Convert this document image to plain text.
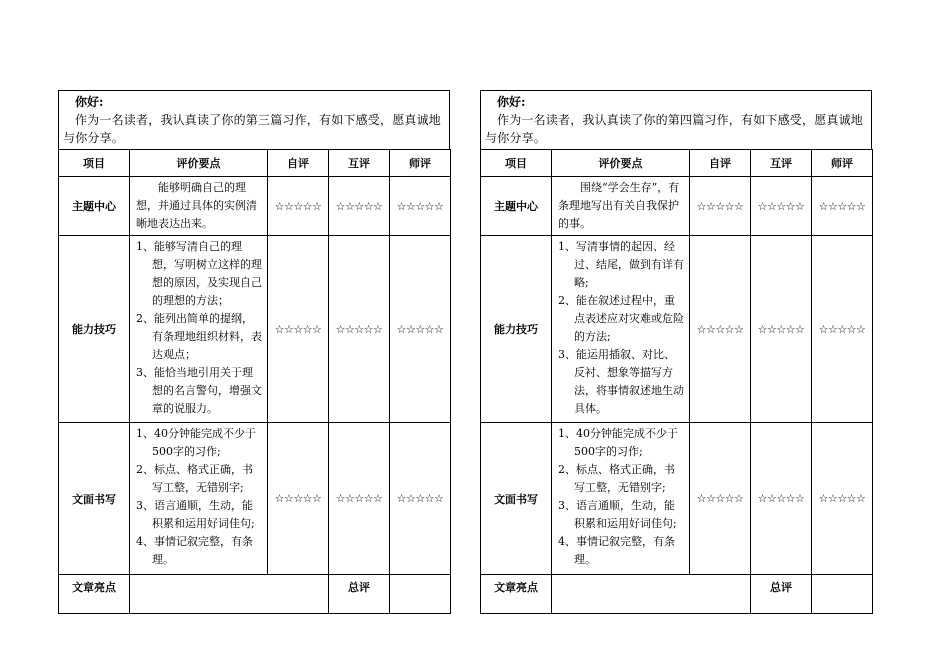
你好:
作为一名读者，我认真读了你的第三篇习作，有如下感受，愿真诚地与你分享。
项目	评价要点	自评	互评	师评
主题中心	能够明确自己的理想，并通过具体的实例清晰地表达出来。	☆☆☆☆☆	☆☆☆☆☆	☆☆☆☆☆
能力技巧	1、能够写清自己的理想，写明树立这样的理想的原因，及实现自己的理想的方法；

2、能列出简单的提纲，有条理地组织材料，表达观点；

3、能恰当地引用关于理想的名言警句，增强文章的说服力。	☆☆☆☆☆	☆☆☆☆☆	☆☆☆☆☆
文面书写	1、40分钟能完成不少于500字的习作;

2、标点、格式正确，书写工整，无错别字;

3、语言通顺，生动，能积累和运用好词佳句;

4、事情记叙完整，有条理。	☆☆☆☆☆	☆☆☆☆☆	☆☆☆☆☆
文章亮点			总评	
你好:
作为一名读者，我认真读了你的第四篇习作，有如下感受，愿真诚地与你分享。
项目	评价要点	自评	互评	师评
主题中心	围绕“学会生存”，有条理地写出有关自我保护的事。	☆☆☆☆☆	☆☆☆☆☆	☆☆☆☆☆
能力技巧	1、写清事情的起因、经过、结尾，做到有详有略;

2、能在叙述过程中，重点表述应对灾难或危险的方法;

3、能运用插叙、对比、反衬、想象等描写方法，将事情叙述地生动具体。	☆☆☆☆☆	☆☆☆☆☆	☆☆☆☆☆
文面书写	1、40分钟能完成不少于500字的习作;

2、标点、格式正确，书写工整，无错别字;

3、语言通顺，生动，能积累和运用好词佳句;

4、事情记叙完整，有条理。	☆☆☆☆☆	☆☆☆☆☆	☆☆☆☆☆
文章亮点			总评	
